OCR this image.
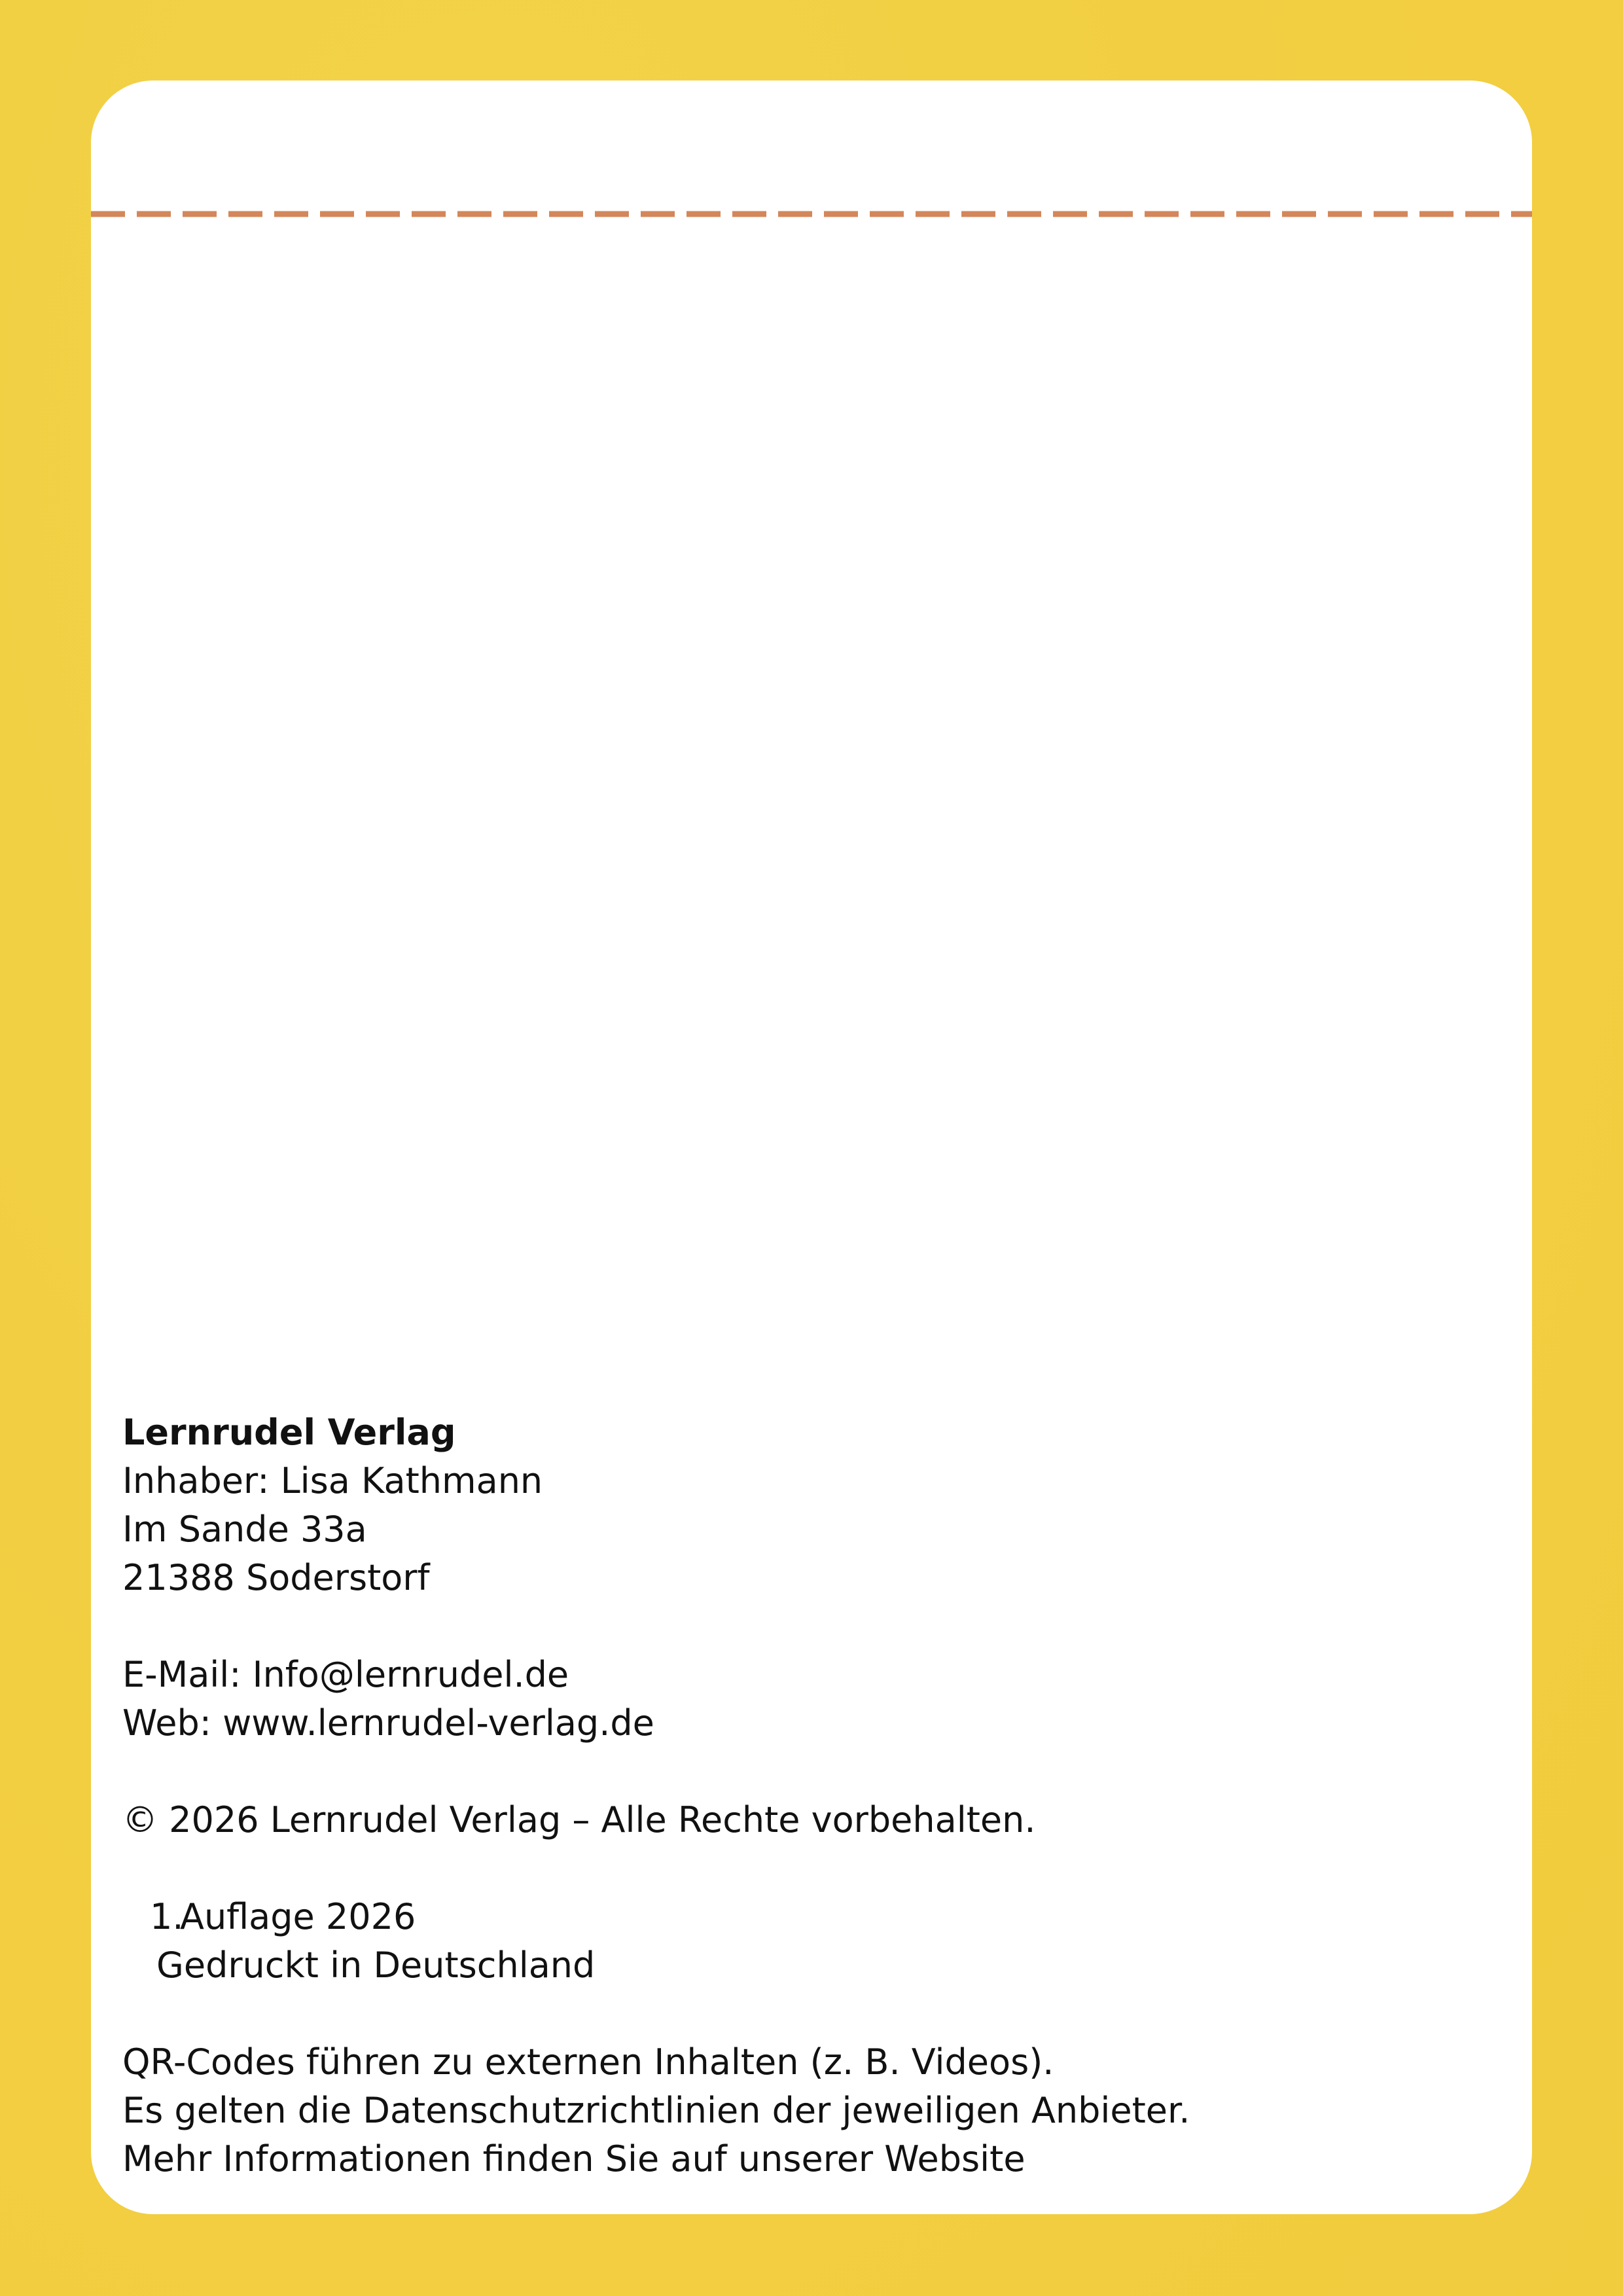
Lernrudel Verlag
Inhaber: Lisa Kathmann
Im Sande 33a
21388 Soderstorf
E-Mail: Info@lernrudel.de
Web: www.lernrudel-verlag.de
© 2026 Lernrudel Verlag – Alle Rechte vorbehalten.
1.Auflage 2026
Gedruckt in Deutschland
QR-Codes führen zu externen Inhalten (z. B. Videos).
Es gelten die Datenschutzrichtlinien der jeweiligen Anbieter.
Mehr Informationen finden Sie auf unserer Website
